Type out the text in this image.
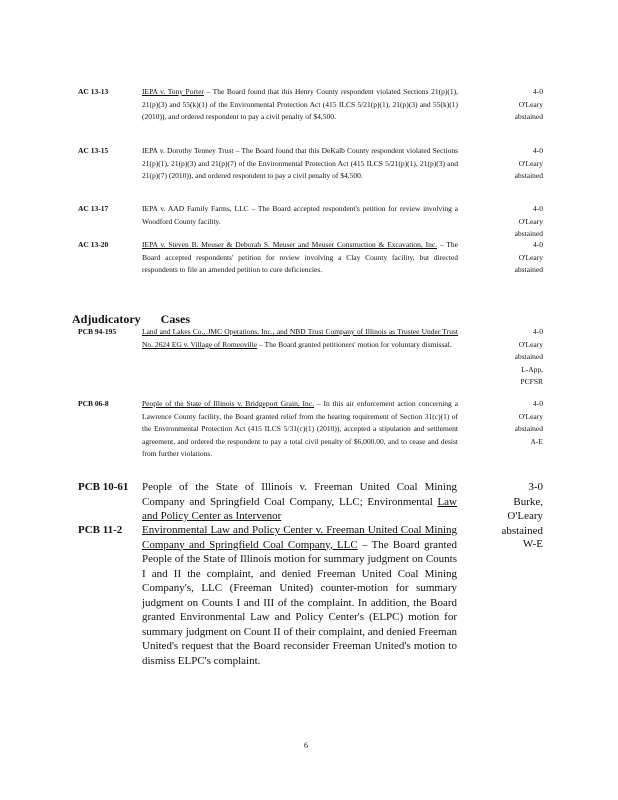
AC 13-13	IEPA v. Tony Porter – The Board found that this Henry County respondent violated Sections 21(p)(1), 21(p)(3) and 55(k)(1) of the Environmental Protection Act (415 ILCS 5/21(p)(1), 21(p)(3) and 55(k)(1) (2010)), and ordered respondent to pay a civil penalty of $4,500.
4-0
O'Leary
abstained
AC 13-15	IEPA v. Dorothy Tenney Trust – The Board found that this DeKalb County respondent violated Sections 21(p)(1), 21(p)(3) and 21(p)(7) of the Environmental Protection Act (415 ILCS 5/21(p)(1), 21(p)(3) and 21(p)(7) (2010)), and ordered respondent to pay a civil penalty of $4,500.
4-0
O'Leary
abstained
AC 13-17	IEPA v. AAD Family Farms, LLC – The Board accepted respondent's petition for review involving a Woodford County facility.
4-0
O'Leary
abstained
AC 13-20	IEPA v. Steven B. Meuser & Deborah S. Meuser and Meuser Construction & Excavation, Inc. – The Board accepted respondents' petition for review involving a Clay County facility, but directed respondents to file an amended petition to cure deficiencies.
4-0
O'Leary
abstained
Adjudicatory Cases
PCB 94-195	Land and Lakes Co., JMC Operations, Inc., and NBD Trust Company of Illinois as Trustee Under Trust No. 2624 EG v. Village of Romeoville – The Board granted petitioners' motion for voluntary dismissal.
4-0
O'Leary
abstained
L-App,
PCFSR
PCB 06-8	People of the State of Illinois v. Bridgeport Grain, Inc. – In this air enforcement action concerning a Lawrence County facility, the Board granted relief from the hearing requirement of Section 31(c)(1) of the Environmental Protection Act (415 ILCS 5/31(c)(1) (2010)), accepted a stipulation and settlement agreement, and ordered the respondent to pay a total civil penalty of $6,000.00, and to cease and desist from further violations.
4-0
O'Leary
abstained
A-E
PCB 10-61 People of the State of Illinois v. Freeman United Coal Mining Company and Springfield Coal Company, LLC; Environmental Law and Policy Center as Intervenor
3-0
Burke,
O'Leary
abstained
PCB 11-2 Environmental Law and Policy Center v. Freeman United Coal Mining Company and Springfield Coal Company, LLC – The Board granted People of the State of Illinois motion for summary judgment on Counts I and II the complaint, and denied Freeman United Coal Mining Company's, LLC (Freeman United) counter-motion for summary judgment on Counts I and III of the complaint. In addition, the Board granted Environmental Law and Policy Center's (ELPC) motion for summary judgment on Count II of their complaint, and denied Freeman United's request that the Board reconsider Freeman United's motion to dismiss ELPC's complaint.
W-E
6
